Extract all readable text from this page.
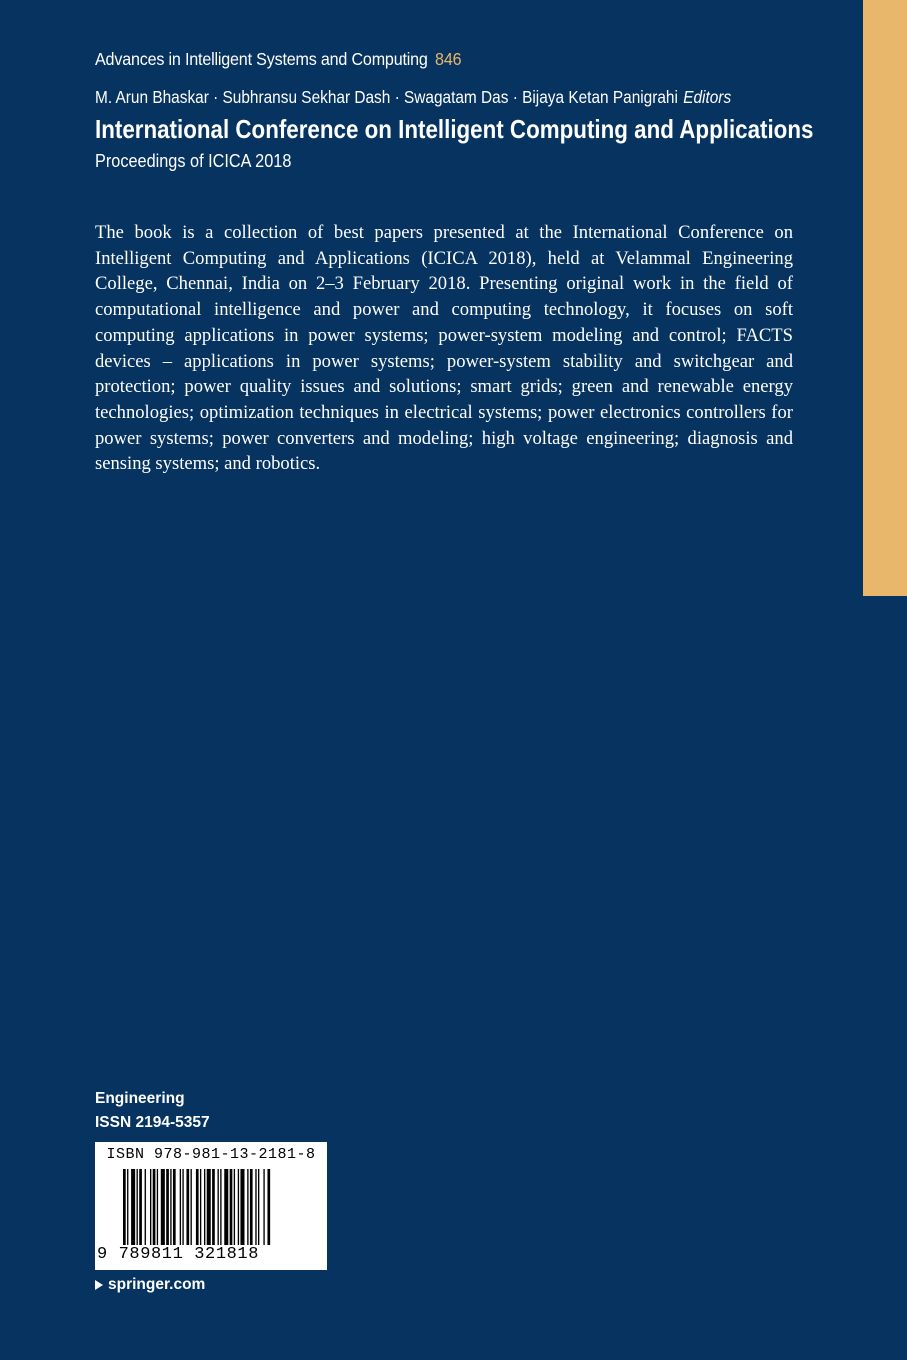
Advances in Intelligent Systems and Computing 846
M. Arun Bhaskar · Subhransu Sekhar Dash · Swagatam Das · Bijaya Ketan Panigrahi Editors
International Conference on Intelligent Computing and Applications
Proceedings of ICICA 2018

The book is a collection of best papers presented at the International Conference on Intelligent Computing and Applications (ICICA 2018), held at Velammal Engineering College, Chennai, India on 2–3 February 2018. Presenting original work in the field of computational intelligence and power and computing technology, it focuses on soft computing applications in power systems; power-system modeling and control; FACTS devices – applications in power systems; power-system stability and switchgear and protection; power quality issues and solutions; smart grids; green and renewable energy technologies; optimization techniques in electrical systems; power electronics controllers for power systems; power converters and modeling; high voltage engineering; diagnosis and sensing systems; and robotics.

Engineering
ISSN 2194-5357
ISBN 978-981-13-2181-8
9 789811 321818
springer.com
